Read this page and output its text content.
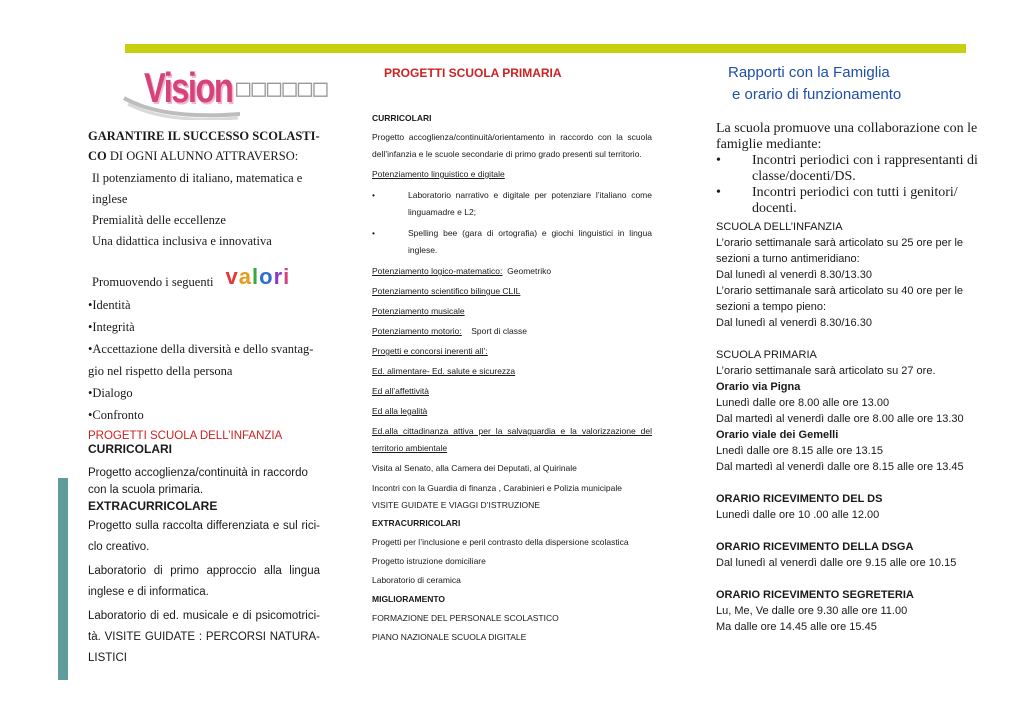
Vision □□□□□□
GARANTIRE IL SUCCESSO SCOLASTI-
CO DI OGNI ALUNNO ATTRAVERSO:
Il potenziamento di italiano, matematica e
inglese
Premialità delle eccellenze
Una didattica inclusiva e innovativa
Promuovendo i seguenti valori
•Identità
•Integrità
•Accettazione della diversità e dello svantag-
gio nel rispetto della persona
•Dialogo
•Confronto
PROGETTI SCUOLA DELL’INFANZIA
CURRICOLARI
Progetto accoglienza/continuità in raccordo con la scuola primaria.
EXTRACURRICOLARE
Progetto sulla raccolta differenziata e sul rici-clo creativo.
Laboratorio di primo approccio alla lingua inglese e di informatica.
Laboratorio di ed. musicale e di psicomotrici-tà. VISITE GUIDATE : PERCORSI NATURA-LISTICI
PROGETTI SCUOLA PRIMARIA
CURRICOLARI
Progetto accoglienza/continuità/orientamento in raccordo con la scuola dell’infanzia e le scuole secondarie di primo grado presenti sul territorio.
Potenziamento linguistico e digitale
•	Laboratorio narrativo e digitale per potenziare l’italiano come linguamadre e L2;
•	Spelling bee (gara di ortografia) e giochi linguistici in lingua inglese.
Potenziamento logico-matematico: Geometriko
Potenziamento scientifico bilingue CLIL
Potenziamento musicale
Potenziamento motorio: Sport di classe
Progetti e concorsi inerenti all’:
Ed. alimentare- Ed. salute e sicurezza
Ed all’affettività
Ed alla legalità
Ed.alla cittadinanza attiva per la salvaguardia e la valorizzazione del territorio ambientale
Visita al Senato, alla Camera dei Deputati, al Quirinale
Incontri con la Guardia di finanza , Carabinieri e Polizia municipale
VISITE GUIDATE E VIAGGI D’ISTRUZIONE
EXTRACURRICOLARI
Progetti per l’inclusione e peril contrasto della dispersione scolastica
Progetto istruzione domiciliare
Laboratorio di ceramica
MIGLIORAMENTO
FORMAZIONE DEL PERSONALE SCOLASTICO
PIANO NAZIONALE SCUOLA DIGITALE
Rapporti con la Famiglia
e orario di funzionamento
La scuola promuove una collaborazione con le famiglie mediante:
•	Incontri periodici con i rappresentanti di classe/docenti/DS.
•	Incontri periodici con tutti i genitori/ docenti.
SCUOLA DELL’INFANZIA
L’orario settimanale sarà articolato su 25 ore per le sezioni a turno antimeridiano:
Dal lunedì al venerdì 8.30/13.30
L’orario settimanale sarà articolato su 40 ore per le sezioni a tempo pieno:
Dal lunedì al venerdì 8.30/16.30
SCUOLA PRIMARIA
L’orario settimanale sarà articolato su 27 ore.
Orario via Pigna
Lunedì dalle ore 8.00 alle ore 13.00
Dal martedì al venerdì dalle ore 8.00 alle ore 13.30
Orario viale dei Gemelli
Lnedì dalle ore 8.15 alle ore 13.15
Dal martedì al venerdì dalle ore 8.15 alle ore 13.45
ORARIO RICEVIMENTO DEL DS
Lunedì dalle ore 10 .00 alle 12.00
ORARIO RICEVIMENTO DELLA DSGA
Dal lunedì al venerdì dalle ore 9.15 alle ore 10.15
ORARIO RICEVIMENTO SEGRETERIA
Lu, Me, Ve dalle ore 9.30 alle ore 11.00
Ma dalle ore 14.45 alle ore 15.45
